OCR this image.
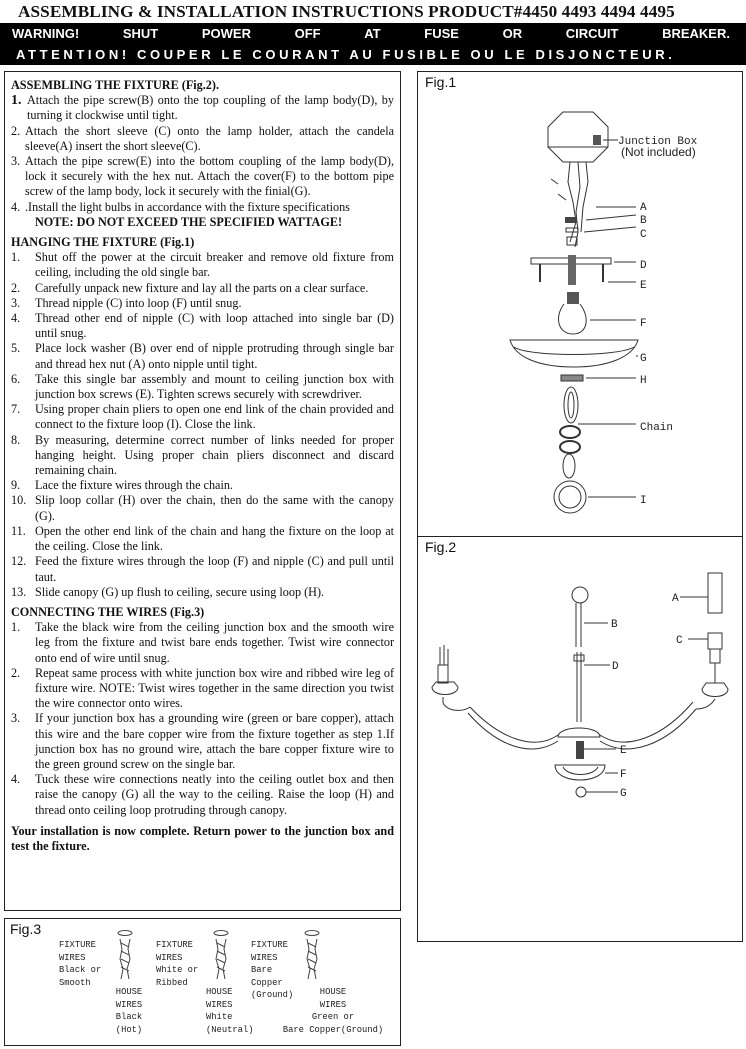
ASSEMBLING & INSTALLATION INSTRUCTIONS PRODUCT#4450 4493 4494 4495
WARNING!	SHUT	POWER	OFF	AT	FUSE	OR	CIRCUIT	BREAKER.
ATTENTION! COUPER LE COURANT AU FUSIBLE OU LE DISJONCTEUR.
ASSEMBLING THE FIXTURE (Fig.2).
1. Attach the pipe screw(B) onto the top coupling of the lamp body(D), by turning it clockwise until tight.
2. Attach the short sleeve (C) onto the lamp holder, attach the candela sleeve(A) insert the short sleeve(C).
3. Attach the pipe screw(E) into the bottom coupling of the lamp body(D), lock it securely with the hex nut. Attach the cover(F) to the bottom pipe screw of the lamp body, lock it securely with the finial(G).
4. .Install the light bulbs in accordance with the fixture specifications
NOTE: DO NOT EXCEED THE SPECIFIED WATTAGE!
HANGING THE FIXTURE (Fig.1)
1.	Shut off the power at the circuit breaker and remove old fixture from ceiling, including the old single bar.
2.	Carefully unpack new fixture and lay all the parts on a clear surface.
3.	Thread nipple (C) into loop (F) until snug.
4.	Thread other end of nipple (C) with loop attached into single bar (D) until snug.
5.	Place lock washer (B) over end of nipple protruding through single bar and thread hex nut (A) onto nipple until tight.
6.	Take this single bar assembly and mount to ceiling junction box with junction box screws (E). Tighten screws securely with screwdriver.
7.	Using proper chain pliers to open one end link of the chain provided and connect to the fixture loop (I). Close the link.
8.	By measuring, determine correct number of links needed for proper hanging height. Using proper chain pliers disconnect and discard remaining chain.
9.	Lace the fixture wires through the chain.
10. Slip loop collar (H) over the chain, then do the same with the canopy (G).
11. Open the other end link of the chain and hang the fixture on the loop at the ceiling. Close the link.
12. Feed the fixture wires through the loop (F) and nipple (C) and pull until taut.
13. Slide canopy (G) up flush to ceiling, secure using loop (H).
CONNECTING THE WIRES (Fig.3)
1.	Take the black wire from the ceiling junction box and the smooth wire leg from the fixture and twist bare ends together. Twist wire connector onto end of wire until snug.
2.	Repeat same process with white junction box wire and ribbed wire leg of fixture wire. NOTE: Twist wires together in the same direction you twist the wire connector onto wires.
3.	If your junction box has a grounding wire (green or bare copper), attach this wire and the bare copper wire from the fixture together as step 1.If junction box has no ground wire, attach the bare copper fixture wire to the green ground screw on the single bar.
4.	Tuck these wire connections neatly into the ceiling outlet box and then raise the canopy (G) all the way to the ceiling. Raise the loop (H) and thread onto ceiling loop protruding through canopy.
Your installation is now complete. Return power to the junction box and test the fixture.
Fig.1
Junction Box
(Not included)
A
B
C
D
E
F
G
H
Chain
I
Fig.2
A
B
C
D
E
F
G
Fig.3
FIXTURE
WIRES
Black or
Smooth
HOUSE
WIRES
Black
(Hot)
FIXTURE
WIRES
White or
Ribbed
HOUSE
WIRES
White
(Neutral)
FIXTURE
WIRES
Bare
Copper
(Ground)	HOUSE
WIRES
Green or
Bare Copper(Ground)
